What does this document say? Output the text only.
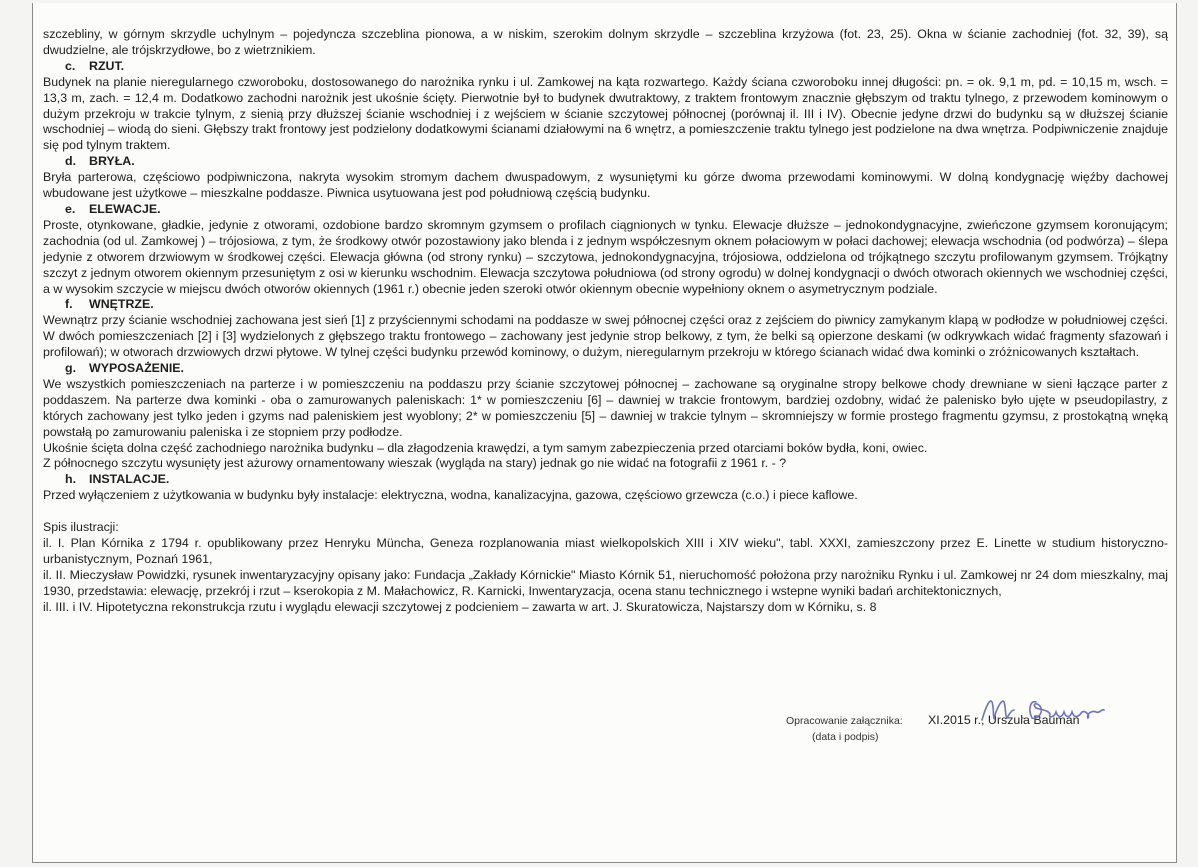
szczebliny, w górnym skrzydle uchylnym – pojedyncza szczeblina pionowa, a w niskim, szerokim dolnym skrzydle – szczeblina krzyżowa (fot. 23, 25). Okna w ścianie zachodniej (fot. 32, 39), są dwudzielne, ale trójskrzydłowe, bo z wietrznikiem.

c. RZUT.

Budynek na planie nieregularnego czworoboku, dostosowanego do narożnika rynku i ul. Zamkowej na kąta rozwartego. Każdy ściana czworoboku innej długości: pn. = ok. 9,1 m, pd. = 10,15 m, wsch. = 13,3 m, zach. = 12,4 m. Dodatkowo zachodni narożnik jest ukośnie ścięty. Pierwotnie był to budynek dwutraktowy, z traktem frontowym znacznie głębszym od traktu tylnego, z przewodem kominowym o dużym przekroju w trakcie tylnym, z sienią przy dłuższej ścianie wschodniej i z wejściem w ścianie szczytowej północnej (porównaj il. III i IV). Obecnie jedyne drzwi do budynku są w dłuższej ścianie wschodniej – wiodą do sieni. Głębszy trakt frontowy jest podzielony dodatkowymi ścianami działowymi na 6 wnętrz, a pomieszczenie traktu tylnego jest podzielone na dwa wnętrza. Podpiwniczenie znajduje się pod tylnym traktem.

d. BRYŁA.

Bryła parterowa, częściowo podpiwniczona, nakryta wysokim stromym dachem dwuspadowym, z wysuniętymi ku górze dwoma przewodami kominowymi. W dolną kondygnację więźby dachowej wbudowane jest użytkowe – mieszkalne poddasze. Piwnica usytuowana jest pod południową częścią budynku.

e. ELEWACJE.

Proste, otynkowane, gładkie, jedynie z otworami, ozdobione bardzo skromnym gzymsem o profilach ciągnionych w tynku. Elewacje dłuższe – jednokondygnacyjne, zwieńczone gzymsem koronującym; zachodnia (od ul. Zamkowej ) – trójosiowa, z tym, że środkowy otwór pozostawiony jako blenda i z jednym współczesnym oknem połaciowym w połaci dachowej; elewacja wschodnia (od podwórza) – ślepa jedynie z otworem drzwiowym w środkowej części. Elewacja główna (od strony rynku) – szczytowa, jednokondygnacyjna, trójosiowa, oddzielona od trójkątnego szczytu profilowanym gzymsem. Trójkątny szczyt z jednym otworem okiennym przesuniętym z osi w kierunku wschodnim. Elewacja szczytowa południowa (od strony ogrodu) w dolnej kondygnacji o dwóch otworach okiennych we wschodniej części, a w wysokim szczycie w miejscu dwóch otworów okiennych (1961 r.) obecnie jeden szeroki otwór okiennym obecnie wypełniony oknem o asymetrycznym podziale.

f. WNĘTRZE.

Wewnątrz przy ścianie wschodniej zachowana jest sień [1] z przyściennymi schodami na poddasze w swej północnej części oraz z zejściem do piwnicy zamykanym klapą w podłodze w południowej części. W dwóch pomieszczeniach [2] i [3] wydzielonych z głębszego traktu frontowego – zachowany jest jedynie strop belkowy, z tym, że belki są opierzone deskami (w odkrywkach widać fragmenty sfazowań i profilowań); w otworach drzwiowych drzwi płytowe. W tylnej części budynku przewód kominowy, o dużym, nieregularnym przekroju w którego ścianach widać dwa kominki o zróżnicowanych kształtach.

g. WYPOSAŻENIE.

We wszystkich pomieszczeniach na parterze i w pomieszczeniu na poddaszu przy ścianie szczytowej północnej – zachowane są oryginalne stropy belkowe chody drewniane w sieni łączące parter z poddaszem. Na parterze dwa kominki - oba o zamurowanych paleniskach: 1* w pomieszczeniu [6] – dawniej w trakcie frontowym, bardziej ozdobny, widać że palenisko było ujęte w pseudopilastry, z których zachowany jest tylko jeden i gzyms nad paleniskiem jest wyoblony; 2* w pomieszczeniu [5] – dawniej w trakcie tylnym – skromniejszy w formie prostego fragmentu gzymsu, z prostokątną wnęką powstałą po zamurowaniu paleniska i ze stopniem przy podłodze.

Ukośnie ścięta dolna część zachodniego narożnika budynku – dla złagodzenia krawędzi, a tym samym zabezpieczenia przed otarciami boków bydła, koni, owiec.

Z północnego szczytu wysunięty jest ażurowy ornamentowany wieszak (wygląda na stary) jednak go nie widać na fotografii z 1961 r. - ?

h. INSTALACJE.

Przed wyłączeniem z użytkowania w budynku były instalacje: elektryczna, wodna, kanalizacyjna, gazowa, częściowo grzewcza (c.o.) i piece kaflowe.

Spis ilustracji:

il. I. Plan Kórnika z 1794 r. opublikowany przez Henryku Müncha, Geneza rozplanowania miast wielkopolskich XIII i XIV wieku", tabl. XXXI, zamieszczony przez E. Linette w studium historyczno-urbanistycznym, Poznań 1961,

il. II. Mieczysław Powidzki, rysunek inwentaryzacyjny opisany jako: Fundacja „Zakłady Kórnickie" Miasto Kórnik 51, nieruchomość położona przy narożniku Rynku i ul. Zamkowej nr 24 dom mieszkalny, maj 1930, przedstawia: elewację, przekrój i rzut – kserokopia z M. Małachowicz, R. Karnicki, Inwentaryzacja, ocena stanu technicznego i wstepne wyniki badań architektonicznych,

il. III. i IV. Hipotetyczna rekonstrukcja rzutu i wyglądu elewacji szczytowej z podcieniem – zawarta w art. J. Skuratowicza, Najstarszy dom w Kórniku, s. 8

Opracowanie załącznika:
(data i podpis)
XI.2015 r., Urszula Bauman
